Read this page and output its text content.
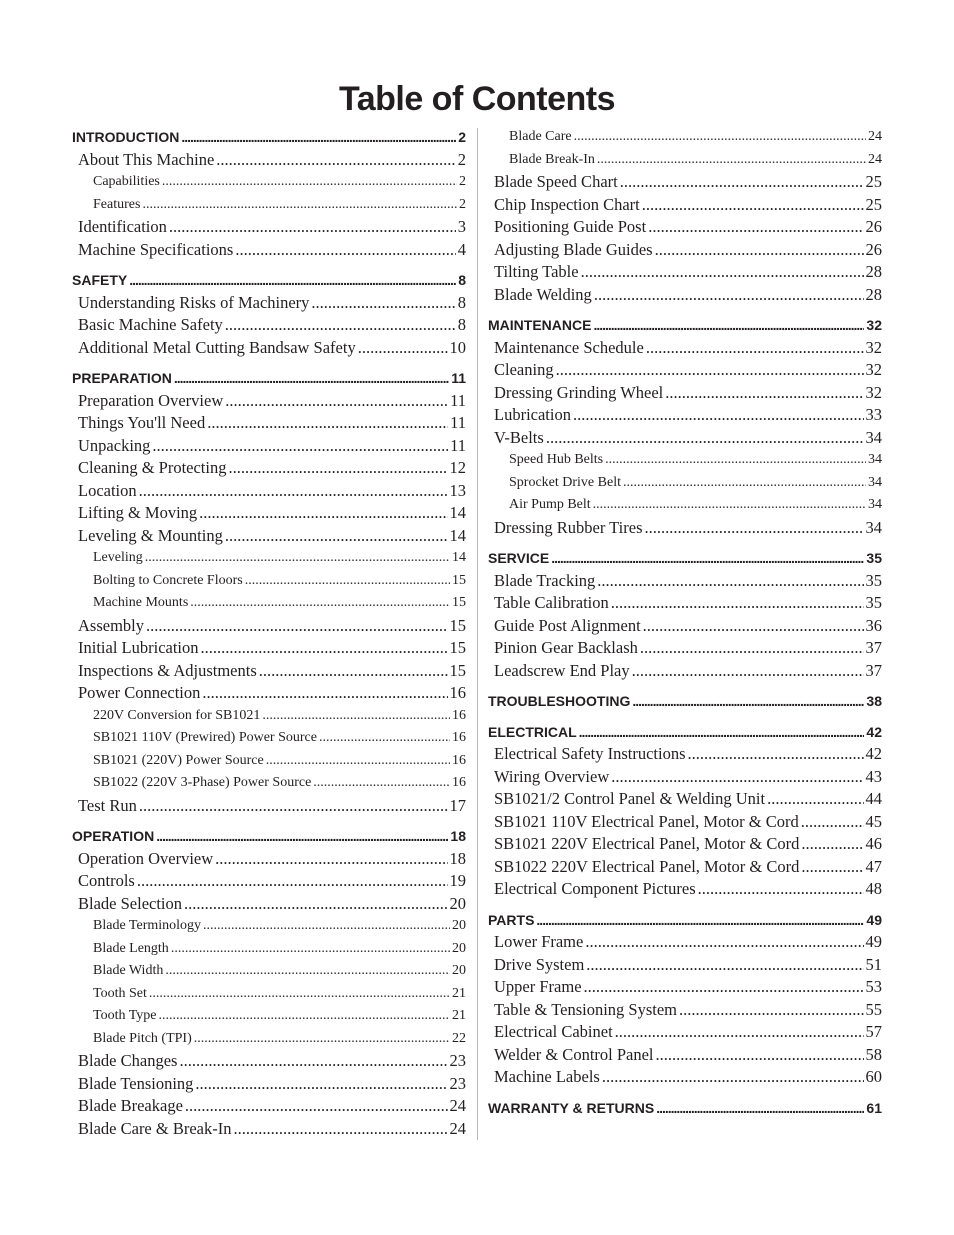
Table of Contents
INTRODUCTION .....	2
About This Machine .....	2
Capabilities .....	2
Features .....	2
Identification .....	3
Machine Specifications .....	4
SAFETY .....	8
Understanding Risks of Machinery .....	8
Basic Machine Safety .....	8
Additional Metal Cutting Bandsaw Safety .....	10
PREPARATION .....	11
Preparation Overview .....	11
Things You'll Need .....	11
Unpacking .....	11
Cleaning & Protecting .....	12
Location .....	13
Lifting & Moving .....	14
Leveling & Mounting .....	14
Leveling .....	14
Bolting to Concrete Floors .....	15
Machine Mounts .....	15
Assembly .....	15
Initial Lubrication .....	15
Inspections & Adjustments .....	15
Power Connection .....	16
220V Conversion for SB1021 .....	16
SB1021 110V (Prewired) Power Source .....	16
SB1021 (220V) Power Source .....	16
SB1022 (220V 3-Phase) Power Source .....	16
Test Run .....	17
OPERATION .....	18
Operation Overview .....	18
Controls .....	19
Blade Selection .....	20
Blade Terminology .....	20
Blade Length .....	20
Blade Width .....	20
Tooth Set .....	21
Tooth Type .....	21
Blade Pitch (TPI) .....	22
Blade Changes .....	23
Blade Tensioning .....	23
Blade Breakage .....	24
Blade Care & Break-In .....	24
Blade Care .....	24
Blade Break-In .....	24
Blade Speed Chart .....	25
Chip Inspection Chart .....	25
Positioning Guide Post .....	26
Adjusting Blade Guides .....	26
Tilting Table .....	28
Blade Welding .....	28
MAINTENANCE .....	32
Maintenance Schedule .....	32
Cleaning .....	32
Dressing Grinding Wheel .....	32
Lubrication .....	33
V-Belts .....	34
Speed Hub Belts .....	34
Sprocket Drive Belt .....	34
Air Pump Belt .....	34
Dressing Rubber Tires .....	34
SERVICE .....	35
Blade Tracking .....	35
Table Calibration .....	35
Guide Post Alignment .....	36
Pinion Gear Backlash .....	37
Leadscrew End Play .....	37
TROUBLESHOOTING .....	38
ELECTRICAL .....	42
Electrical Safety Instructions .....	42
Wiring Overview .....	43
SB1021/2 Control Panel & Welding Unit .....	44
SB1021 110V Electrical Panel, Motor & Cord .....	45
SB1021 220V Electrical Panel, Motor & Cord .....	46
SB1022 220V Electrical Panel, Motor & Cord .....	47
Electrical Component Pictures .....	48
PARTS .....	49
Lower Frame .....	49
Drive System .....	51
Upper Frame .....	53
Table & Tensioning System .....	55
Electrical Cabinet .....	57
Welder & Control Panel .....	58
Machine Labels .....	60
WARRANTY & RETURNS .....	61
